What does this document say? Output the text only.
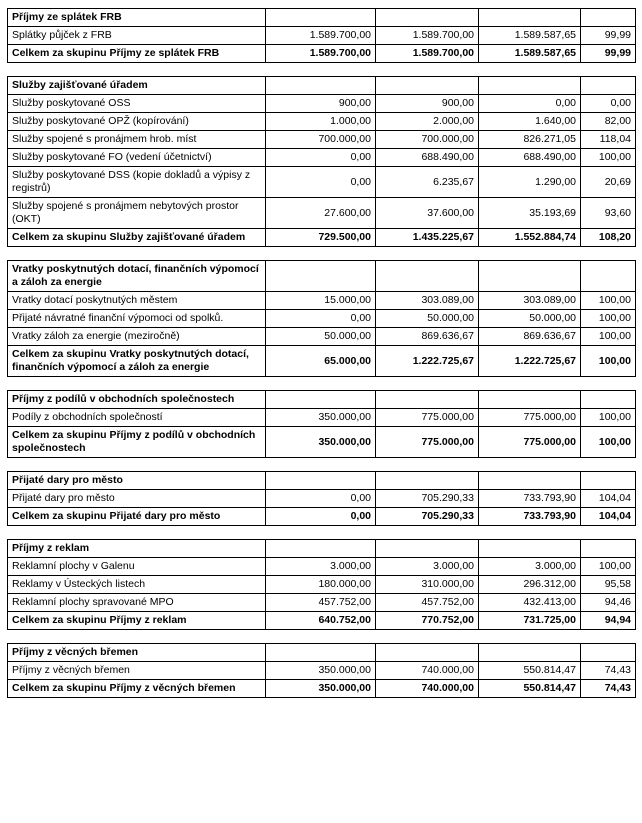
Příjmy ze splátek FRB				
Splátky půjček z FRB	1.589.700,00	1.589.700,00	1.589.587,65	99,99
Celkem za skupinu Příjmy ze splátek FRB	1.589.700,00	1.589.700,00	1.589.587,65	99,99
Služby zajišťované úřadem				
Služby poskytované OSS	900,00	900,00	0,00	0,00
Služby poskytované OPŽ (kopírování)	1.000,00	2.000,00	1.640,00	82,00
Služby spojené s pronájmem hrob. míst	700.000,00	700.000,00	826.271,05	118,04
Služby poskytované FO (vedení účetnictví)	0,00	688.490,00	688.490,00	100,00
Služby poskytované DSS (kopie dokladů a výpisy z registrů)	0,00	6.235,67	1.290,00	20,69
Služby spojené s pronájmem nebytových prostor (OKT)	27.600,00	37.600,00	35.193,69	93,60
Celkem za skupinu Služby zajišťované úřadem	729.500,00	1.435.225,67	1.552.884,74	108,20
Vratky poskytnutých dotací, finančních výpomocí a záloh za energie				
Vratky dotací poskytnutých městem	15.000,00	303.089,00	303.089,00	100,00
Přijaté návratné finanční výpomoci od spolků.	0,00	50.000,00	50.000,00	100,00
Vratky záloh za energie (meziročně)	50.000,00	869.636,67	869.636,67	100,00
Celkem za skupinu Vratky poskytnutých dotací, finančních výpomocí a záloh za energie	65.000,00	1.222.725,67	1.222.725,67	100,00
Příjmy z podílů v obchodních společnostech				
Podíly z obchodních společností	350.000,00	775.000,00	775.000,00	100,00
Celkem za skupinu Příjmy z podílů v obchodních společnostech	350.000,00	775.000,00	775.000,00	100,00
Přijaté dary pro město				
Přijaté dary pro město	0,00	705.290,33	733.793,90	104,04
Celkem za skupinu Přijaté dary pro město	0,00	705.290,33	733.793,90	104,04
Příjmy z reklam				
Reklamní plochy v Galenu	3.000,00	3.000,00	3.000,00	100,00
Reklamy v Ústeckých listech	180.000,00	310.000,00	296.312,00	95,58
Reklamní plochy spravované MPO	457.752,00	457.752,00	432.413,00	94,46
Celkem za skupinu Příjmy z reklam	640.752,00	770.752,00	731.725,00	94,94
Příjmy z věcných břemen				
Příjmy z věcných břemen	350.000,00	740.000,00	550.814,47	74,43
Celkem za skupinu Příjmy z věcných břemen	350.000,00	740.000,00	550.814,47	74,43
